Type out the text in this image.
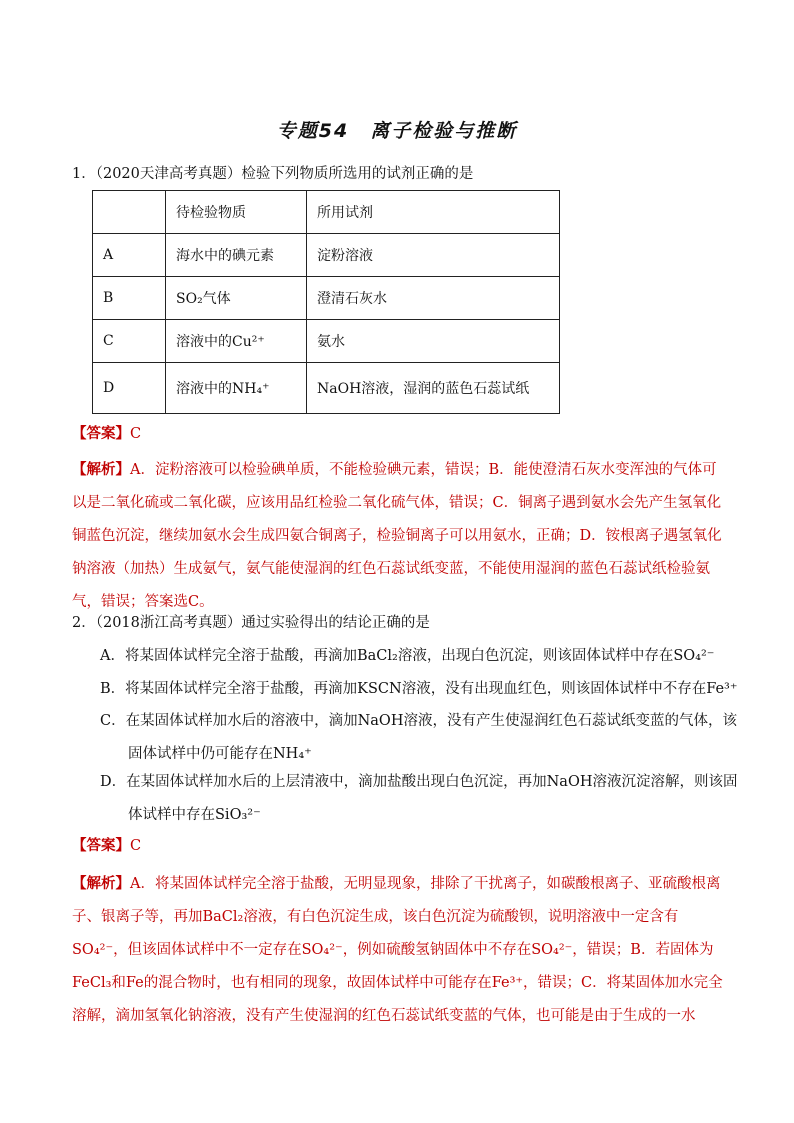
专题54　离子检验与推断
1．（2020天津高考真题）检验下列物质所选用的试剂正确的是
	待检验物质	所用试剂
A	海水中的碘元素	淀粉溶液
B	SO₂气体	澄清石灰水
C	溶液中的Cu²⁺	氨水
D	溶液中的NH₄⁺	NaOH溶液，湿润的蓝色石蕊试纸
【答案】C
【解析】A．淀粉溶液可以检验碘单质，不能检验碘元素，错误；B．能使澄清石灰水变浑浊的气体可以是二氧化硫或二氧化碳，应该用品红检验二氧化硫气体，错误；C．铜离子遇到氨水会先产生氢氧化铜蓝色沉淀，继续加氨水会生成四氨合铜离子，检验铜离子可以用氨水，正确；D．铵根离子遇氢氧化钠溶液（加热）生成氨气，氨气能使湿润的红色石蕊试纸变蓝，不能使用湿润的蓝色石蕊试纸检验氨气，错误；答案选C。
2．（2018浙江高考真题）通过实验得出的结论正确的是
A．将某固体试样完全溶于盐酸，再滴加BaCl₂溶液，出现白色沉淀，则该固体试样中存在SO₄²⁻
B．将某固体试样完全溶于盐酸，再滴加KSCN溶液，没有出现血红色，则该固体试样中不存在Fe³⁺
C．在某固体试样加水后的溶液中，滴加NaOH溶液，没有产生使湿润红色石蕊试纸变蓝的气体，该
固体试样中仍可能存在NH₄⁺
D．在某固体试样加水后的上层清液中，滴加盐酸出现白色沉淀，再加NaOH溶液沉淀溶解，则该固
体试样中存在SiO₃²⁻
【答案】C
【解析】A．将某固体试样完全溶于盐酸，无明显现象，排除了干扰离子，如碳酸根离子、亚硫酸根离子、银离子等，再加BaCl₂溶液，有白色沉淀生成，该白色沉淀为硫酸钡，说明溶液中一定含有SO₄²⁻，但该固体试样中不一定存在SO₄²⁻，例如硫酸氢钠固体中不存在SO₄²⁻，错误；B．若固体为FeCl₃和Fe的混合物时，也有相同的现象，故固体试样中可能存在Fe³⁺，错误；C．将某固体加水完全溶解，滴加氢氧化钠溶液，没有产生使湿润的红色石蕊试纸变蓝的气体，也可能是由于生成的一水
